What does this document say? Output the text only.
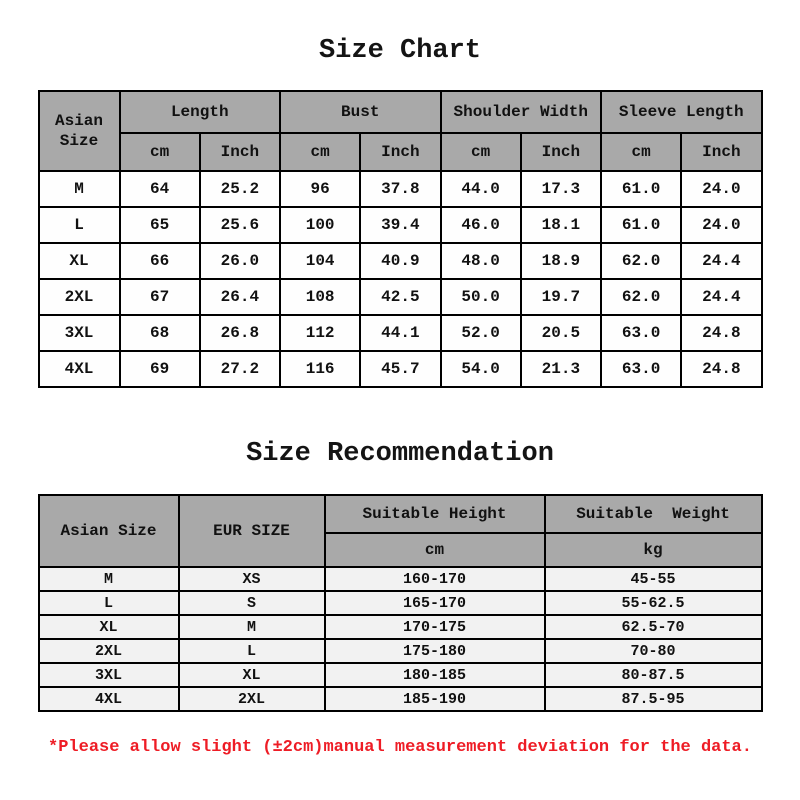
Size Chart
Asian Size	Length		Bust		Shoulder Width		Sleeve Length	
	cm	Inch	cm	Inch	cm	Inch	cm	Inch
M	64	25.2	96	37.8	44.0	17.3	61.0	24.0
L	65	25.6	100	39.4	46.0	18.1	61.0	24.0
XL	66	26.0	104	40.9	48.0	18.9	62.0	24.4
2XL	67	26.4	108	42.5	50.0	19.7	62.0	24.4
3XL	68	26.8	112	44.1	52.0	20.5	63.0	24.8
4XL	69	27.2	116	45.7	54.0	21.3	63.0	24.8
Size Recommendation
Asian Size	EUR SIZE	Suitable Height	Suitable  Weight
		cm	kg
M	XS	160-170	45-55
L	S	165-170	55-62.5
XL	M	170-175	62.5-70
2XL	L	175-180	70-80
3XL	XL	180-185	80-87.5
4XL	2XL	185-190	87.5-95

*Please allow slight (±2cm)manual measurement deviation for the data.
